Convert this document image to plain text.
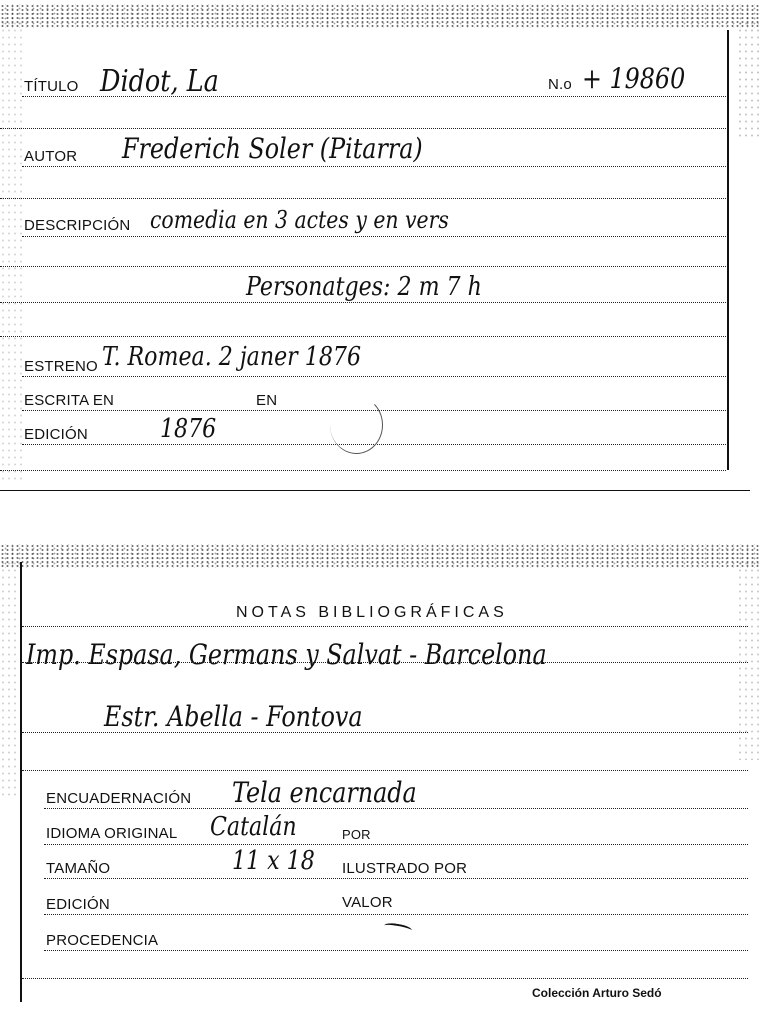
TÍTULO Didot, La	N.o + 19860
AUTOR Frederich Soler (Pitarra)
DESCRIPCIÓN comedia en 3 actes y en vers
Personatges: 2 m 7 h
ESTRENO T. Romea. 2 janer 1876
ESCRITA EN	EN
EDICIÓN	1876
NOTAS BIBLIOGRÁFICAS
Imp. Espasa, Germans y Salvat - Barcelona
Estr. Abella - Fontova
ENCUADERNACIÓN Tela encarnada
IDIOMA ORIGINAL Catalán	POR
TAMAÑO	11 x 18 ILUSTRADO POR
EDICIÓN	VALOR
PROCEDENCIA
Colección Arturo Sedó
